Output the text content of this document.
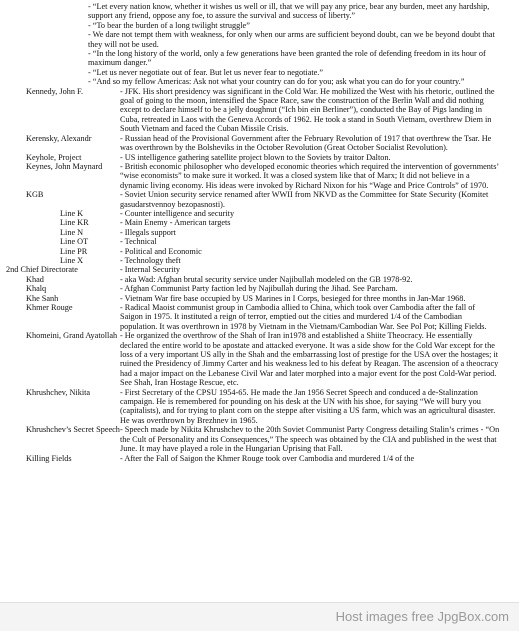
- “Let every nation know, whether it wishes us well or ill, that we will pay any price, bear any burden, meet any hardship, support any friend, oppose any foe, to assure the survival and success of liberty.”
- “To bear the burden of a long twilight struggle”
- We dare not tempt them with weakness, for only when our arms are sufficient beyond doubt, can we be beyond doubt that they will not be used.
- “In the long history of the world, only a few generations have been granted the role of defending freedom in its hour of maximum danger.”
- “Let us never negotiate out of fear. But let us never fear to negotiate.”
- “And so my fellow Americas: Ask not what your country can do for you; ask what you can do for your country.”
Kennedy, John F.	- JFK. His short presidency was significant in the Cold War. He mobilized the West with his rhetoric, outlined the goal of going to the moon, intensified the Space Race, saw the construction of the Berlin Wall and did nothing except to declare himself to be a jelly doughnut (“Ich bin ein Berliner”), conducted the Bay of Pigs landing in Cuba, retreated in Laos with the Geneva Accords of 1962. He took a stand in South Vietnam, overthrew Diem in South Vietnam and faced the Cuban Missile Crisis.
Kerensky, Alexandr	- Russian head of the Provisional Government after the February Revolution of 1917 that overthrew the Tsar. He was overthrown by the Bolsheviks in the October Revolution (Great October Socialist Revolution).
Keyhole, Project	- US intelligence gathering satellite project blown to the Soviets by traitor Dalton.
Keynes, John Maynard	- British economic philosopher who developed economic theories which required the intervention of governments’ “wise economists” to make sure it worked. It was a closed system like that of Marx; It did not believe in a dynamic living economy. His ideas were invoked by Richard Nixon for his “Wage and Price Controls” of 1970.
KGB	- Soviet Union security service renamed after WWII from NKVD as the Committee for State Security (Komitet gasudarstvennoy bezopasnosti).
Line K	- Counter intelligence and security
Line KR	- Main Enemy - American targets
Line N	- Illegals support
Line OT	- Technical
Line PR	- Political and Economic
Line X	- Technology theft
2nd Chief Directorate	- Internal Security
Khad	- aka Wad: Afghan brutal security service under Najibullah modeled on the GB 1978-92.
Khalq	- Afghan Communist Party faction led by Najibullah during the Jihad. See Parcham.
Khe Sanh	- Vietnam War fire base occupied by US Marines in I Corps, besieged for three months in Jan-Mar 1968.
Khmer Rouge	- Radical Maoist communist group in Cambodia allied to China, which took over Cambodia after the fall of Saigon in 1975. It instituted a reign of terror, emptied out the cities and murdered 1/4 of the Cambodian population. It was overthrown in 1978 by Vietnam in the Vietnam/Cambodian War. See Pol Pot; Killing Fields.
Khomeini, Grand Ayatollah - He organized the overthrow of the Shah of Iran in1978 and established a Shiite Theocracy. He essentially declared the entire world to be apostate and attacked everyone. It was a side show for the Cold War except for the loss of a very important US ally in the Shah and the embarrassing lost of prestige for the USA over the hostages; it ruined the Presidency of Jimmy Carter and his weakness led to his defeat by Reagan. The ascension of a theocracy had a major impact on the Lebanese Civil War and later morphed into a major event for the post Cold-War period. See Shah, Iran Hostage Rescue, etc.
Khrushchev, Nikita	- First Secretary of the CPSU 1954-65. He made the Jan 1956 Secret Speech and conduced a de-Stalinzation campaign. He is remembered for pounding on his desk at the UN with his shoe, for saying “We will bury you (capitalists), and for trying to plant corn on the steppe after visiting a US farm, which was an agricultural disaster. He was overthrown by Brezhnev in 1965.
Khrushchev’s Secret Speech - Speech made by Nikita Khrushchev to the 20th Soviet Communist Party Congress detailing Stalin’s crimes - “On the Cult of Personality and its Consequences,” The speech was obtained by the CIA and published in the west that June. It may have played a role in the Hungarian Uprising that Fall.
Killing Fields	- After the Fall of Saigon the Khmer Rouge took over Cambodia and murdered 1/4 of the
Host images free JpgBox.com
